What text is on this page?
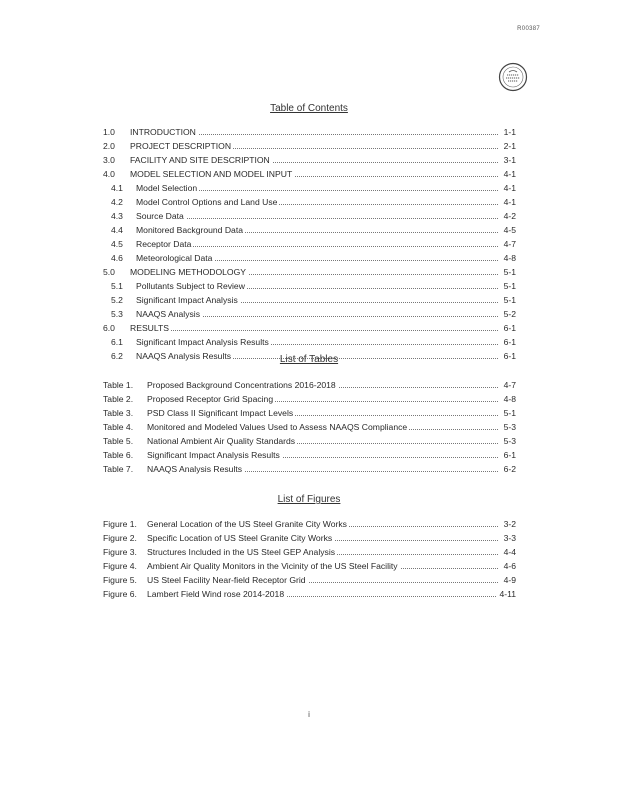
R00387
Table of Contents
1.0	INTRODUCTION	1-1
2.0	PROJECT DESCRIPTION	2-1
3.0	FACILITY AND SITE DESCRIPTION	3-1
4.0	MODEL SELECTION AND MODEL INPUT	4-1
4.1	Model Selection	4-1
4.2	Model Control Options and Land Use	4-1
4.3	Source Data	4-2
4.4	Monitored Background Data	4-5
4.5	Receptor Data	4-7
4.6	Meteorological Data	4-8
5.0	MODELING METHODOLOGY	5-1
5.1	Pollutants Subject to Review	5-1
5.2	Significant Impact Analysis	5-1
5.3	NAAQS Analysis	5-2
6.0	RESULTS	6-1
6.1	Significant Impact Analysis Results	6-1
6.2	NAAQS Analysis Results	6-1
List of Tables
Table 1.	Proposed Background Concentrations 2016-2018	4-7
Table 2.	Proposed Receptor Grid Spacing	4-8
Table 3.	PSD Class II Significant Impact Levels	5-1
Table 4.	Monitored and Modeled Values Used to Assess NAAQS Compliance	5-3
Table 5.	National Ambient Air Quality Standards	5-3
Table 6.	Significant Impact Analysis Results	6-1
Table 7.	NAAQS Analysis Results	6-2
List of Figures
Figure 1.	General Location of the US Steel Granite City Works	3-2
Figure 2.	Specific Location of US Steel Granite City Works	3-3
Figure 3.	Structures Included in the US Steel GEP Analysis	4-4
Figure 4.	Ambient Air Quality Monitors in the Vicinity of the US Steel Facility	4-6
Figure 5.	US Steel Facility Near-field Receptor Grid	4-9
Figure 6.	Lambert Field Wind rose 2014-2018	4-11
i
